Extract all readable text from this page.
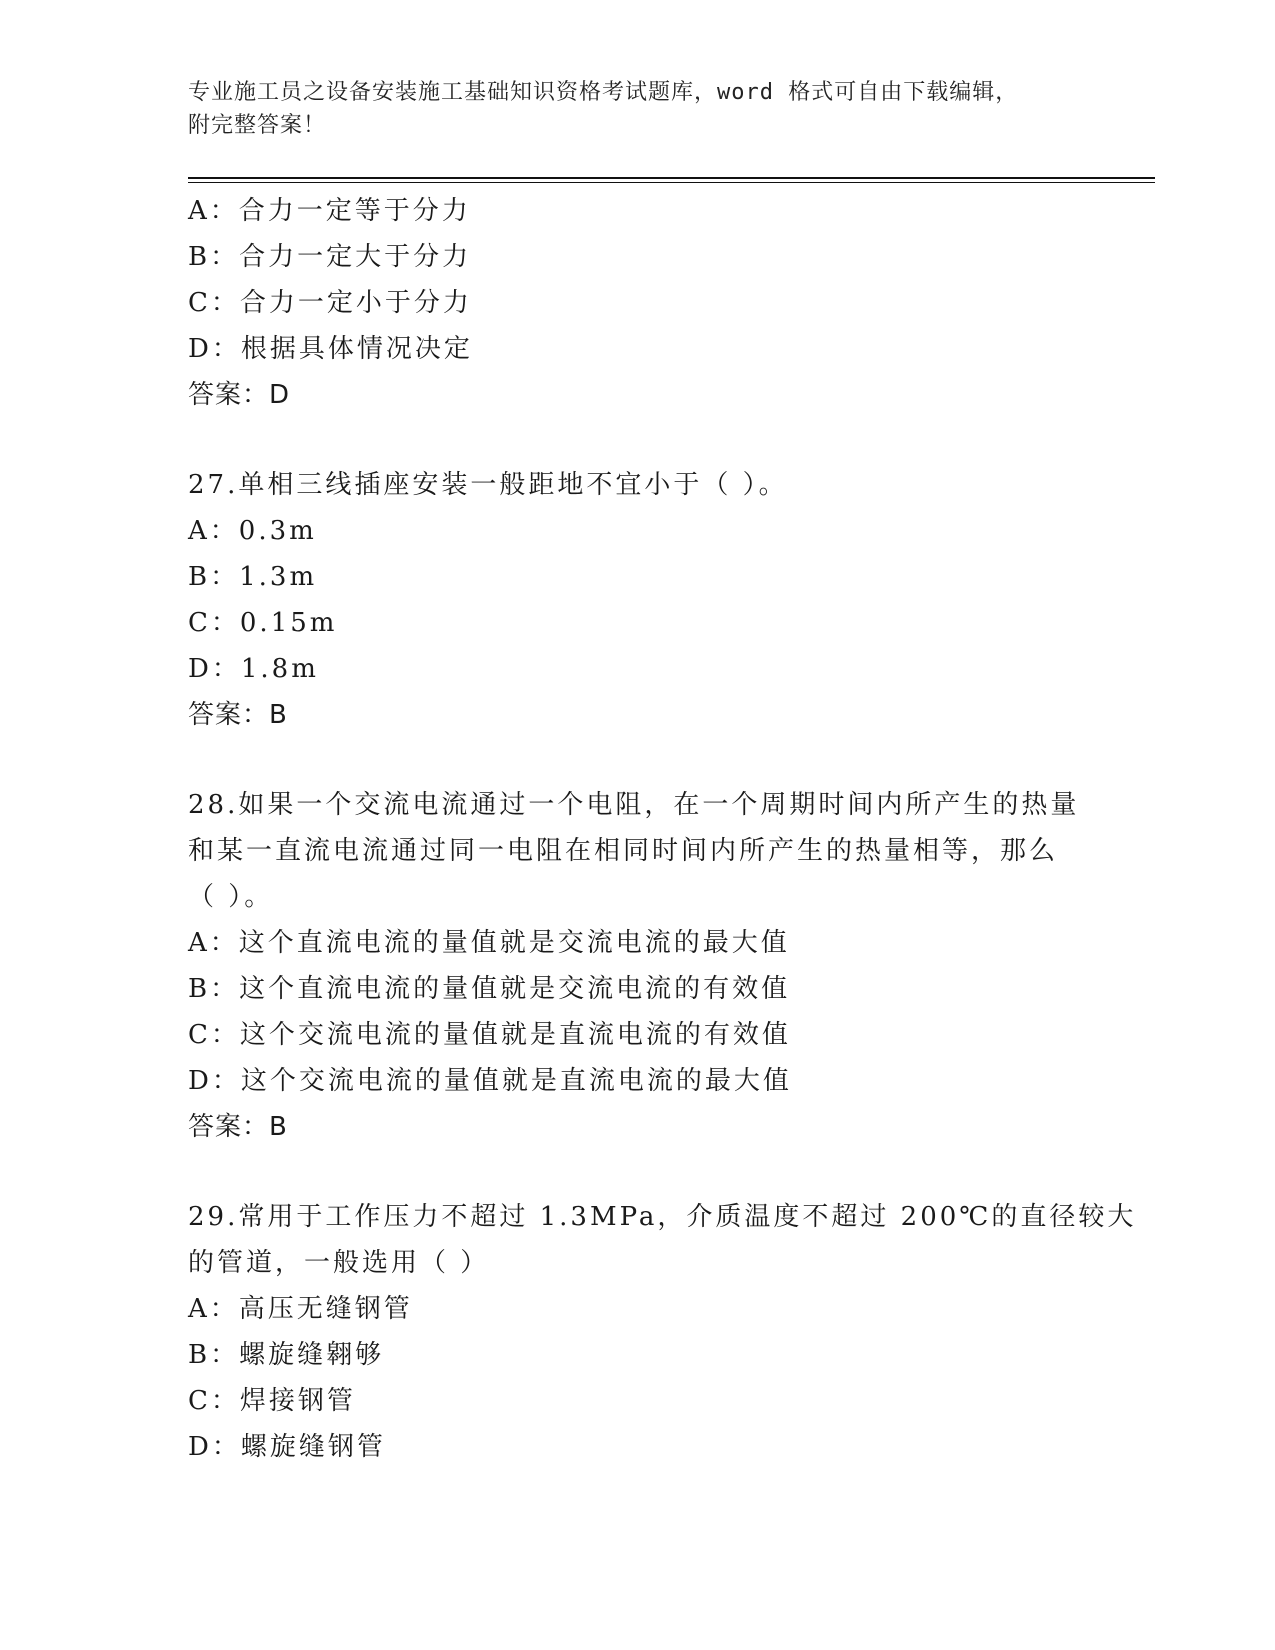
专业施工员之设备安装施工基础知识资格考试题库，word 格式可自由下载编辑，
附完整答案！
A：合力一定等于分力
B：合力一定大于分力
C：合力一定小于分力
D：根据具体情况决定
答案：D
27.单相三线插座安装一般距地不宜小于（ ）。
A：0.3m
B：1.3m
C：0.15m
D：1.8m
答案：B
28.如果一个交流电流通过一个电阻，在一个周期时间内所产生的热量
和某一直流电流通过同一电阻在相同时间内所产生的热量相等，那么
（ ）。
A：这个直流电流的量值就是交流电流的最大值
B：这个直流电流的量值就是交流电流的有效值
C：这个交流电流的量值就是直流电流的有效值
D：这个交流电流的量值就是直流电流的最大值
答案：B
29.常用于工作压力不超过 1.3MPa，介质温度不超过 200℃的直径较大
的管道，一般选用（ ）
A：高压无缝钢管
B：螺旋缝翱够
C：焊接钢管
D：螺旋缝钢管
